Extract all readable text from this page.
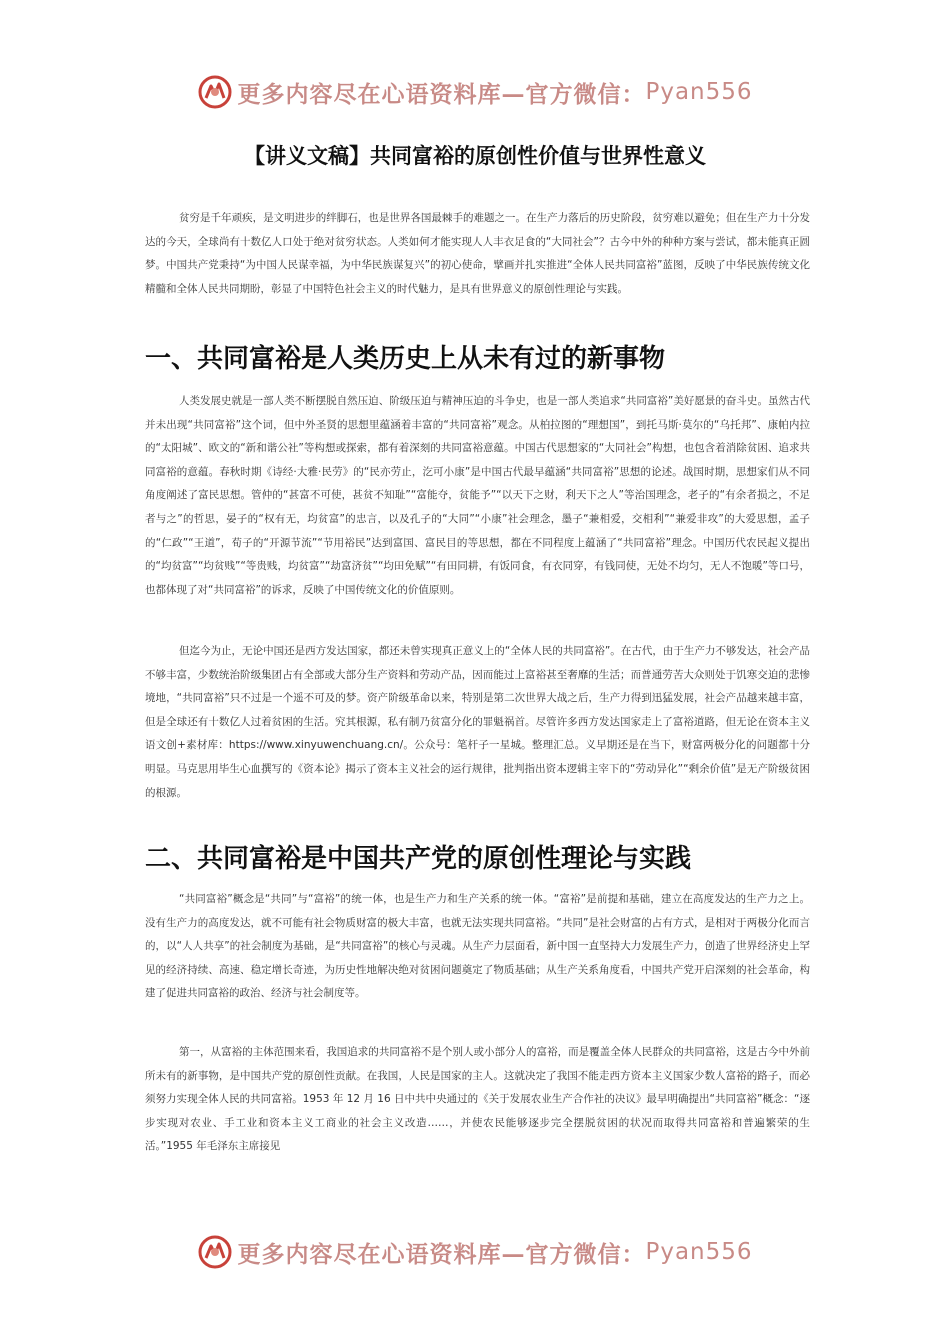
更多内容尽在心语资料库—官方微信： Pyan556
【讲义文稿】共同富裕的原创性价值与世界性意义

贫穷是千年顽疾，是文明进步的绊脚石，也是世界各国最棘手的难题之一。在生产力落后的历史阶段，贫穷难以避免；但在生产力十分发达的今天，全球尚有十数亿人口处于绝对贫穷状态。人类如何才能实现人人丰衣足食的“大同社会”？古今中外的种种方案与尝试，都未能真正圆梦。中国共产党秉持“为中国人民谋幸福，为中华民族谋复兴”的初心使命，擘画并扎实推进“全体人民共同富裕”蓝图，反映了中华民族传统文化精髓和全体人民共同期盼，彰显了中国特色社会主义的时代魅力，是具有世界意义的原创性理论与实践。

一、共同富裕是人类历史上从未有过的新事物

人类发展史就是一部人类不断摆脱自然压迫、阶级压迫与精神压迫的斗争史，也是一部人类追求“共同富裕”美好愿景的奋斗史。虽然古代并未出现“共同富裕”这个词，但中外圣贤的思想里蕴涵着丰富的“共同富裕”观念。从柏拉图的“理想国”，到托马斯·莫尔的“乌托邦”、康帕内拉的“太阳城”、欧文的“新和谐公社”等构想或探索，都有着深刻的共同富裕意蕴。中国古代思想家的“大同社会”构想，也包含着消除贫困、追求共同富裕的意蕴。春秋时期《诗经·大雅·民劳》的“民亦劳止，汔可小康”是中国古代最早蕴涵“共同富裕”思想的论述。战国时期，思想家们从不同角度阐述了富民思想。管仲的“甚富不可使，甚贫不知耻”“富能夺，贫能予”“以天下之财，利天下之人”等治国理念，老子的“有余者损之，不足者与之”的哲思，晏子的“权有无，均贫富”的忠言，以及孔子的“大同”“小康”社会理念，墨子“兼相爱，交相利”“兼爱非攻”的大爱思想，孟子的“仁政”“王道”，荀子的“开源节流”“节用裕民”达到富国、富民目的等思想，都在不同程度上蕴涵了“共同富裕”理念。中国历代农民起义提出的“均贫富”“均贫贱”“等贵贱，均贫富”“劫富济贫”“均田免赋”“有田同耕，有饭同食，有衣同穿，有钱同使，无处不均匀，无人不饱暖”等口号，也都体现了对“共同富裕”的诉求，反映了中国传统文化的价值原则。

但迄今为止，无论中国还是西方发达国家，都还未曾实现真正意义上的“全体人民的共同富裕”。在古代，由于生产力不够发达，社会产品不够丰富，少数统治阶级集团占有全部或大部分生产资料和劳动产品，因而能过上富裕甚至奢靡的生活；而普通劳苦大众则处于饥寒交迫的悲惨境地，“共同富裕”只不过是一个遥不可及的梦。资产阶级革命以来，特别是第二次世界大战之后，生产力得到迅猛发展，社会产品越来越丰富，但是全球还有十数亿人过着贫困的生活。究其根源，私有制乃贫富分化的罪魁祸首。尽管许多西方发达国家走上了富裕道路，但无论在资本主义语文创+素材库：https://www.xinyuwenchuang.cn/。公众号：笔杆子一星城。整理汇总。义早期还是在当下，财富两极分化的问题都十分明显。马克思用毕生心血撰写的《资本论》揭示了资本主义社会的运行规律，批判指出资本逻辑主宰下的“劳动异化”“剩余价值”是无产阶级贫困的根源。

二、共同富裕是中国共产党的原创性理论与实践

“共同富裕”概念是“共同”与“富裕”的统一体，也是生产力和生产关系的统一体。“富裕”是前提和基础，建立在高度发达的生产力之上。没有生产力的高度发达，就不可能有社会物质财富的极大丰富，也就无法实现共同富裕。“共同”是社会财富的占有方式，是相对于两极分化而言的，以“人人共享”的社会制度为基础，是“共同富裕”的核心与灵魂。从生产力层面看，新中国一直坚持大力发展生产力，创造了世界经济史上罕见的经济持续、高速、稳定增长奇迹，为历史性地解决绝对贫困问题奠定了物质基础；从生产关系角度看，中国共产党开启深刻的社会革命，构建了促进共同富裕的政治、经济与社会制度等。

第一，从富裕的主体范围来看，我国追求的共同富裕不是个别人或小部分人的富裕，而是覆盖全体人民群众的共同富裕，这是古今中外前所未有的新事物，是中国共产党的原创性贡献。在我国，人民是国家的主人。这就决定了我国不能走西方资本主义国家少数人富裕的路子，而必须努力实现全体人民的共同富裕。1953 年 12 月 16 日中共中央通过的《关于发展农业生产合作社的决议》最早明确提出“共同富裕”概念：“逐步实现对农业、手工业和资本主义工商业的社会主义改造……，并使农民能够逐步完全摆脱贫困的状况而取得共同富裕和普遍繁荣的生活。”1955 年毛泽东主席接见

更多内容尽在心语资料库—官方微信： Pyan556
